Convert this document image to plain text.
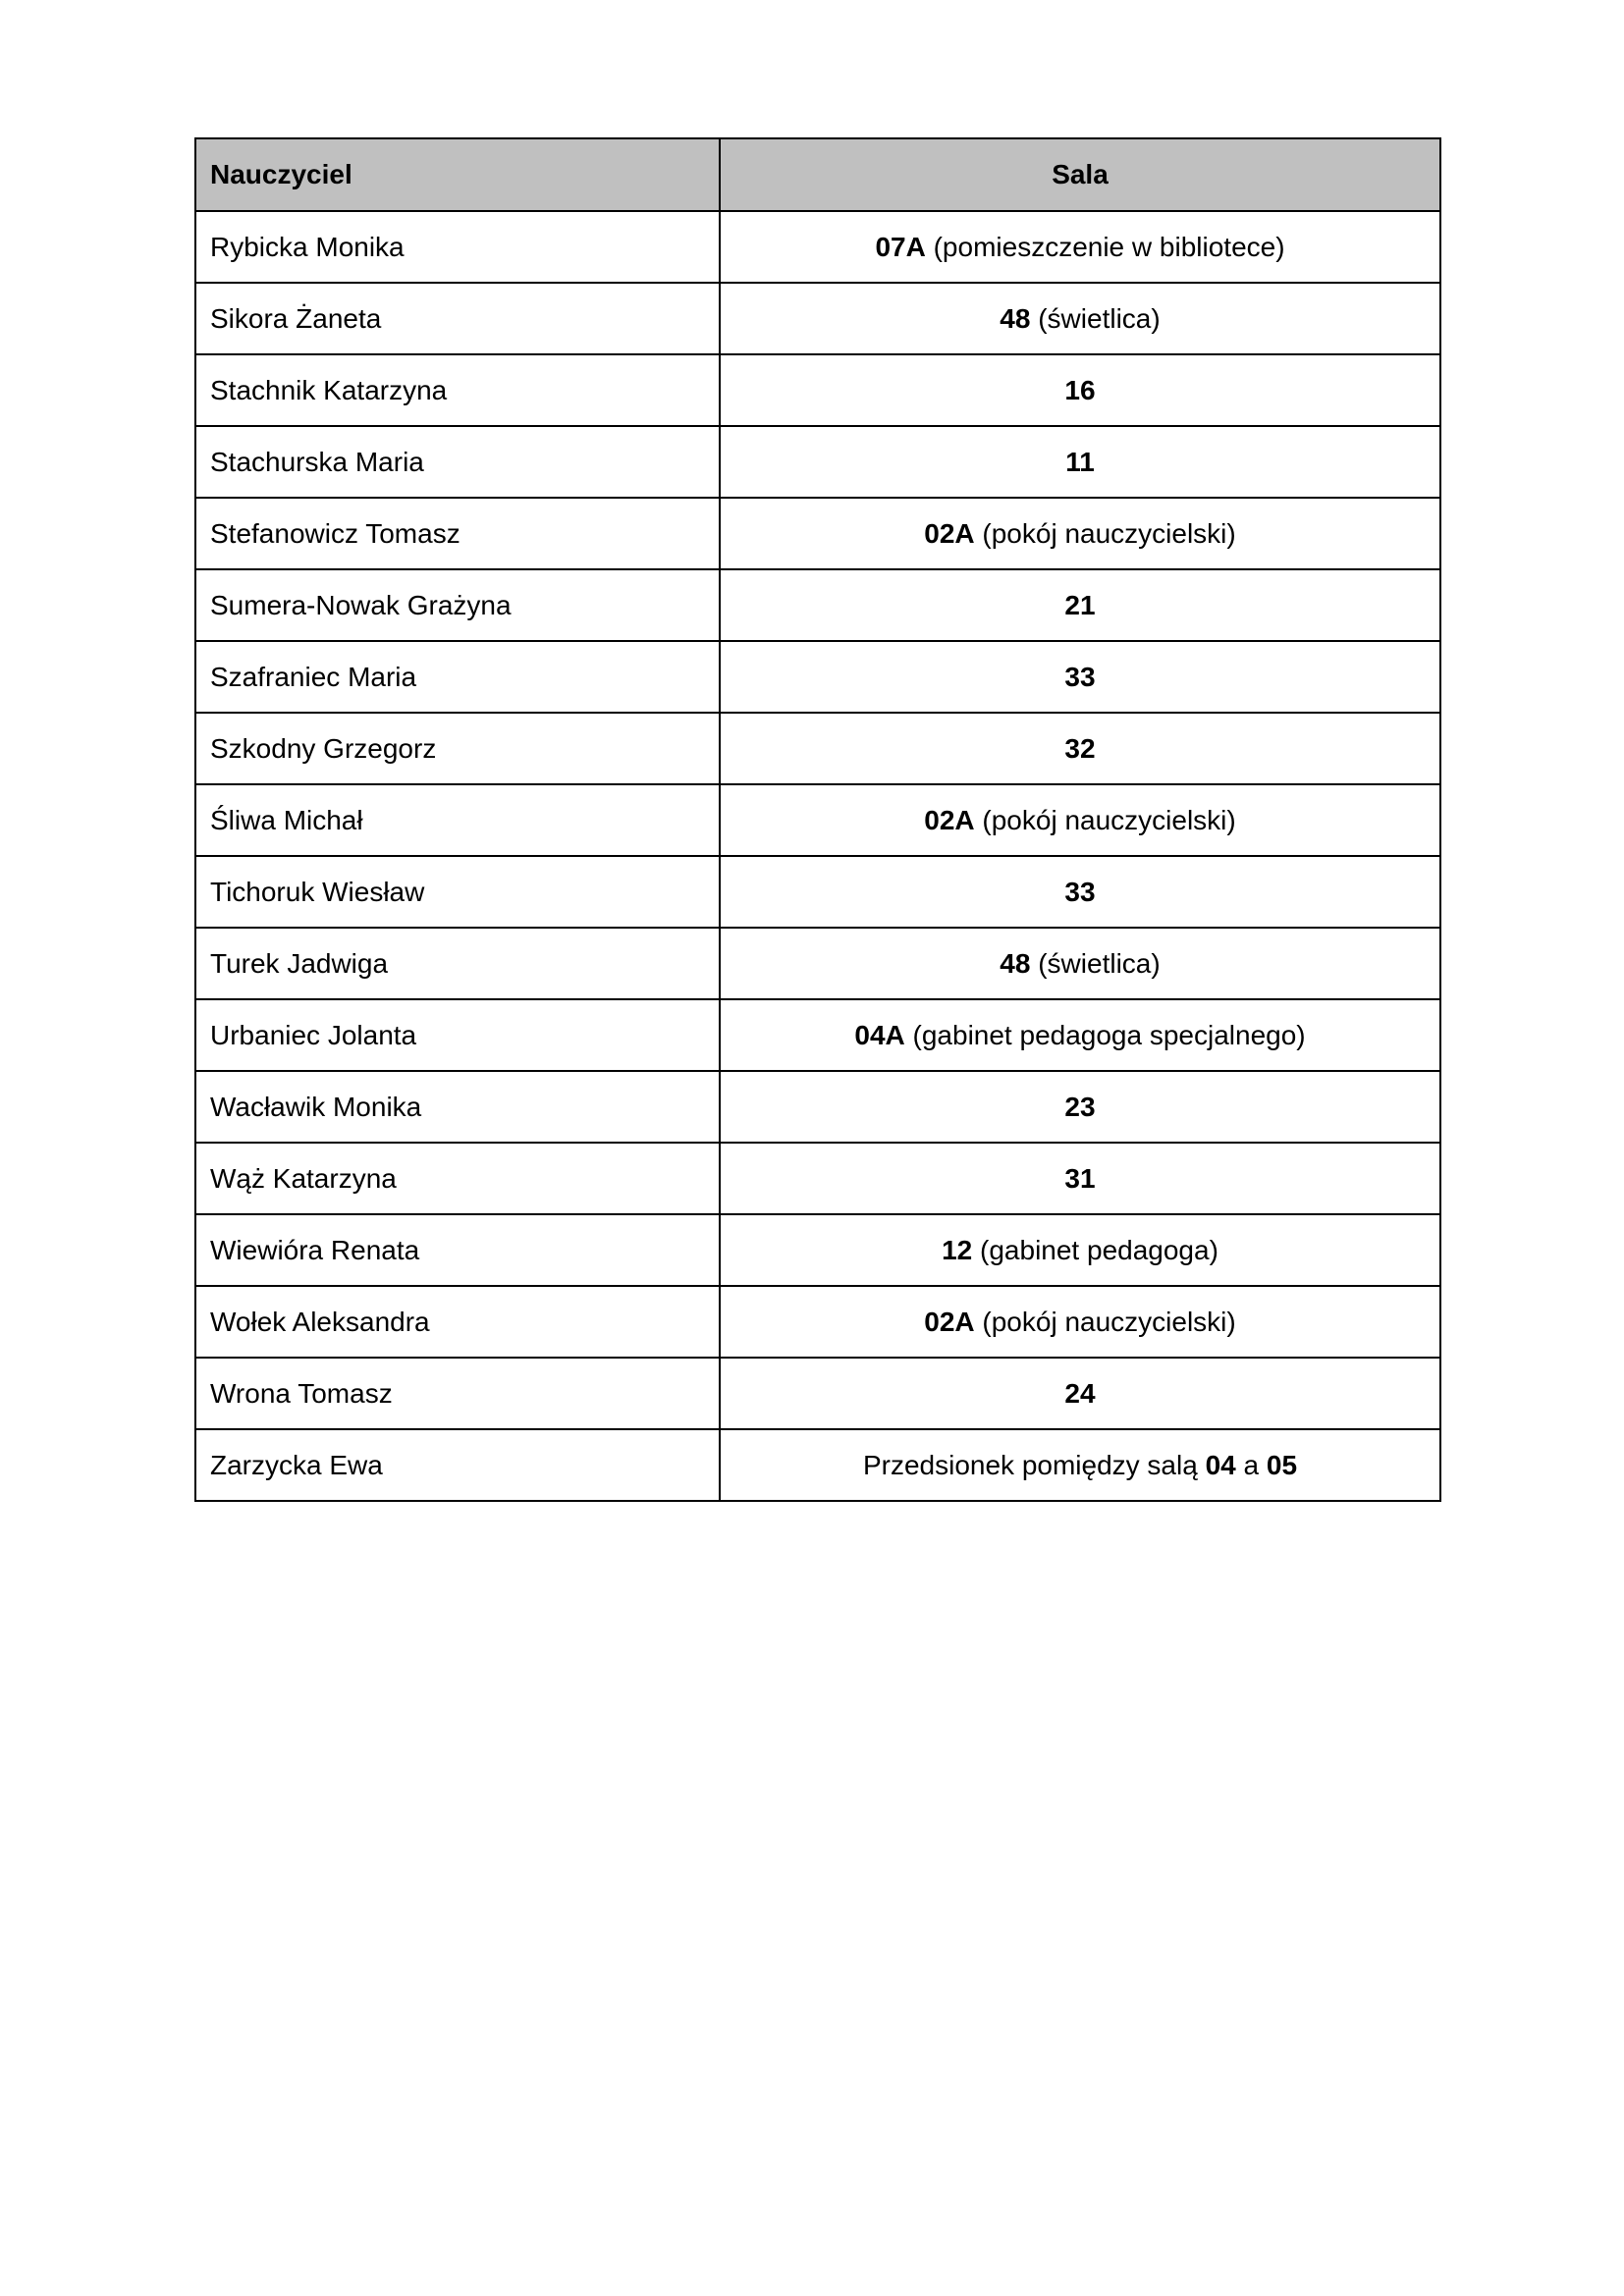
Nauczyciel	Sala
Rybicka Monika	07A (pomieszczenie w bibliotece)
Sikora Żaneta	48 (świetlica)
Stachnik Katarzyna	16
Stachurska Maria	11
Stefanowicz Tomasz	02A (pokój nauczycielski)
Sumera-Nowak Grażyna	21
Szafraniec Maria	33
Szkodny Grzegorz	32
Śliwa Michał	02A (pokój nauczycielski)
Tichoruk Wiesław	33
Turek Jadwiga	48 (świetlica)
Urbaniec Jolanta	04A (gabinet pedagoga specjalnego)
Wacławik Monika	23
Wąż Katarzyna	31
Wiewióra Renata	12 (gabinet pedagoga)
Wołek Aleksandra	02A (pokój nauczycielski)
Wrona Tomasz	24
Zarzycka Ewa	Przedsionek pomiędzy salą 04 a 05
